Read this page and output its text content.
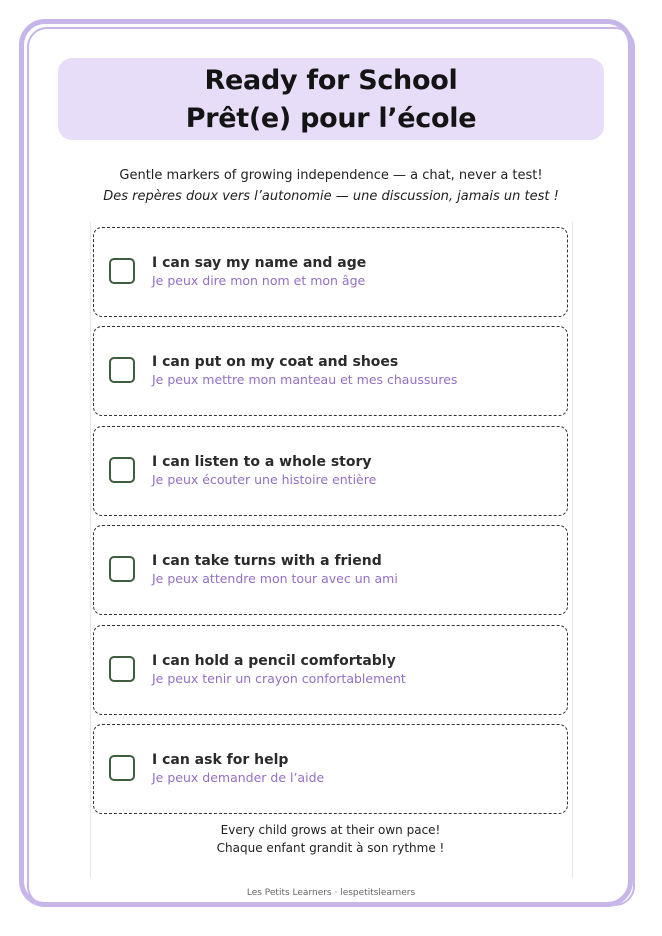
Ready for School
Prêt(e) pour l’école
Gentle markers of growing independence — a chat, never a test!
Des repères doux vers l’autonomie — une discussion, jamais un test !
I can say my name and age
Je peux dire mon nom et mon âge
I can put on my coat and shoes
Je peux mettre mon manteau et mes chaussures
I can listen to a whole story
Je peux écouter une histoire entière
I can take turns with a friend
Je peux attendre mon tour avec un ami
I can hold a pencil comfortably
Je peux tenir un crayon confortablement
I can ask for help
Je peux demander de l’aide
Every child grows at their own pace!
Chaque enfant grandit à son rythme !
Les Petits Learners · lespetitslearners
